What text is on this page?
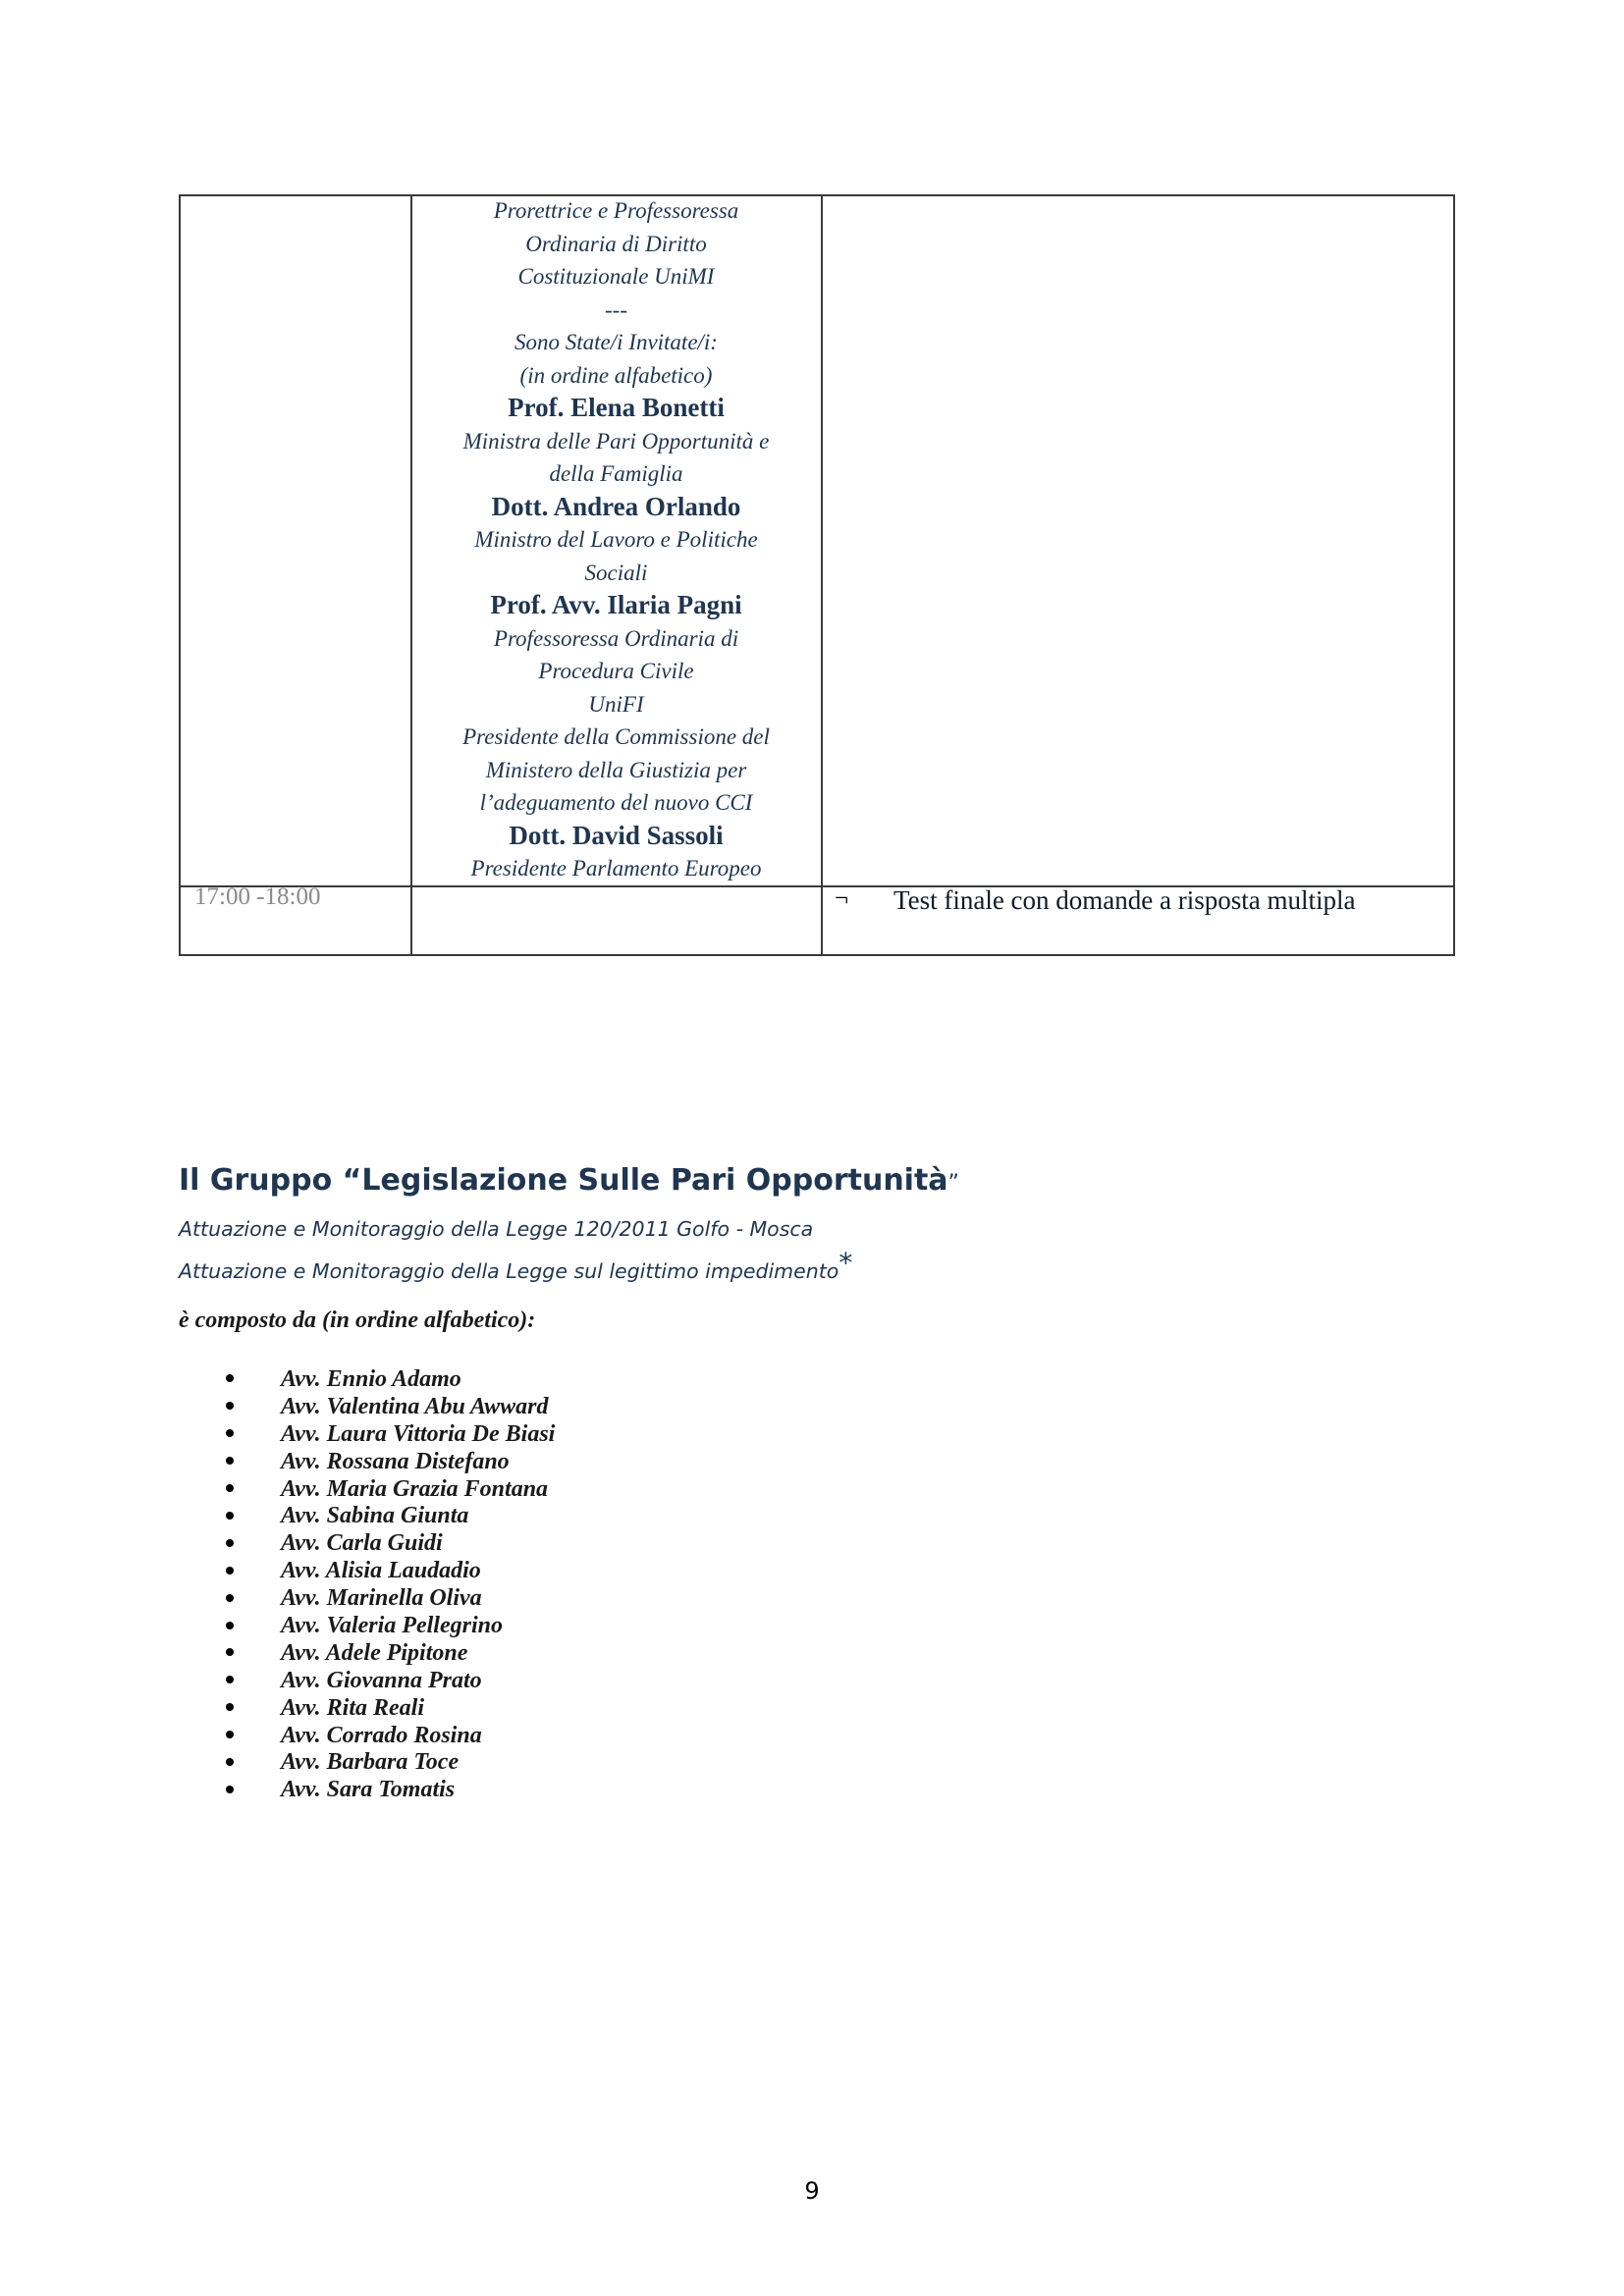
Prorettrice e Professoressa
Ordinaria di Diritto
Costituzionale UniMI
---
Sono State/i Invitate/i:
(in ordine alfabetico)
Prof. Elena Bonetti
Ministra delle Pari Opportunità e
della Famiglia
Dott. Andrea Orlando
Ministro del Lavoro e Politiche
Sociali
Prof. Avv. Ilaria Pagni
Professoressa Ordinaria di
Procedura Civile
UniFI
Presidente della Commissione del
Ministero della Giustizia per
l’adeguamento del nuovo CCI
Dott. David Sassoli
Presidente Parlamento Europeo
17:00 -18:00	¬ Test finale con domande a risposta multipla
Il Gruppo “Legislazione Sulle Pari Opportunità”
Attuazione e Monitoraggio della Legge 120/2011 Golfo - Mosca
Attuazione e Monitoraggio della Legge sul legittimo impedimento*
è composto da (in ordine alfabetico):
Avv. Ennio Adamo
Avv. Valentina Abu Awward
Avv. Laura Vittoria De Biasi
Avv. Rossana Distefano
Avv. Maria Grazia Fontana
Avv. Sabina Giunta
Avv. Carla Guidi
Avv. Alisia Laudadio
Avv. Marinella Oliva
Avv. Valeria Pellegrino
Avv. Adele Pipitone
Avv. Giovanna Prato
Avv. Rita Reali
Avv. Corrado Rosina
Avv. Barbara Toce
Avv. Sara Tomatis
9
